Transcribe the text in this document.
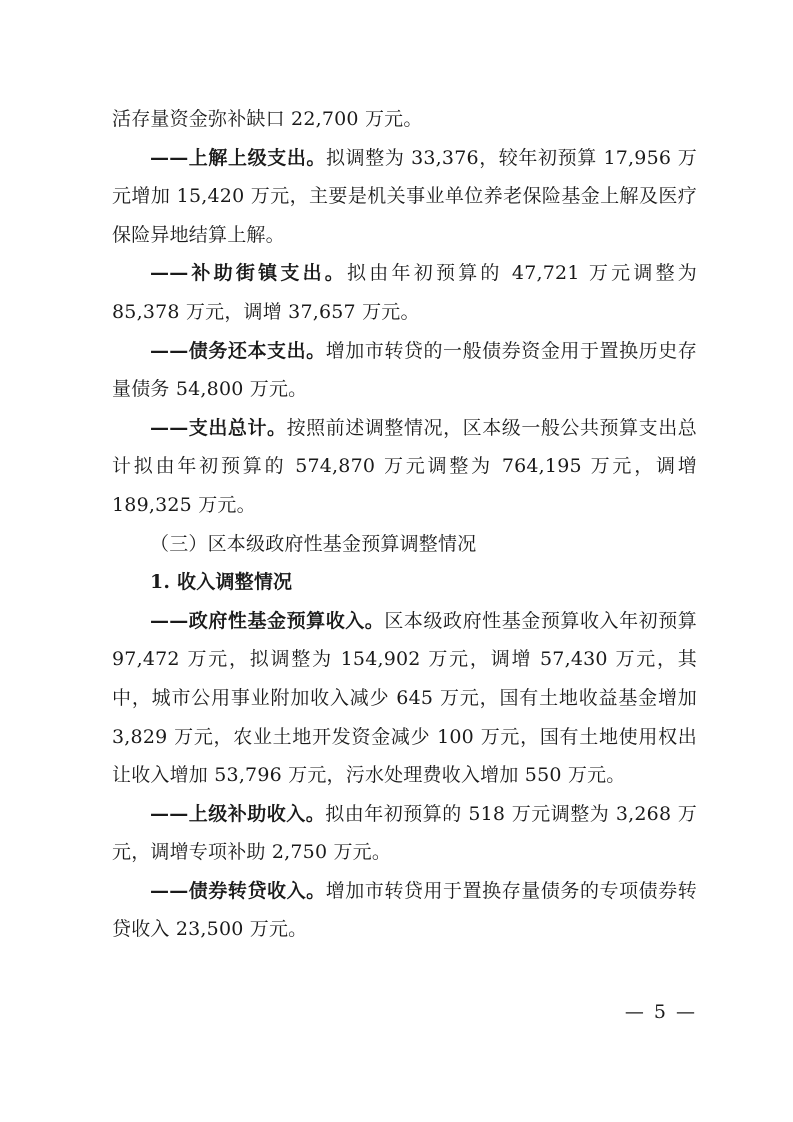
活存量资金弥补缺口 22,700 万元。

——上解上级支出。拟调整为 33,376，较年初预算 17,956 万元增加 15,420 万元，主要是机关事业单位养老保险基金上解及医疗保险异地结算上解。

——补助街镇支出。拟由年初预算的 47,721 万元调整为 85,378 万元，调增 37,657 万元。

——债务还本支出。增加市转贷的一般债券资金用于置换历史存量债务 54,800 万元。

——支出总计。按照前述调整情况，区本级一般公共预算支出总计拟由年初预算的 574,870 万元调整为 764,195 万元，调增 189,325 万元。

（三）区本级政府性基金预算调整情况

1. 收入调整情况

——政府性基金预算收入。区本级政府性基金预算收入年初预算 97,472 万元，拟调整为 154,902 万元，调增 57,430 万元，其中，城市公用事业附加收入减少 645 万元，国有土地收益基金增加 3,829 万元，农业土地开发资金减少 100 万元，国有土地使用权出让收入增加 53,796 万元，污水处理费收入增加 550 万元。

——上级补助收入。拟由年初预算的 518 万元调整为 3,268 万元，调增专项补助 2,750 万元。

——债券转贷收入。增加市转贷用于置换存量债务的专项债券转贷收入 23,500 万元。

— 5 —
